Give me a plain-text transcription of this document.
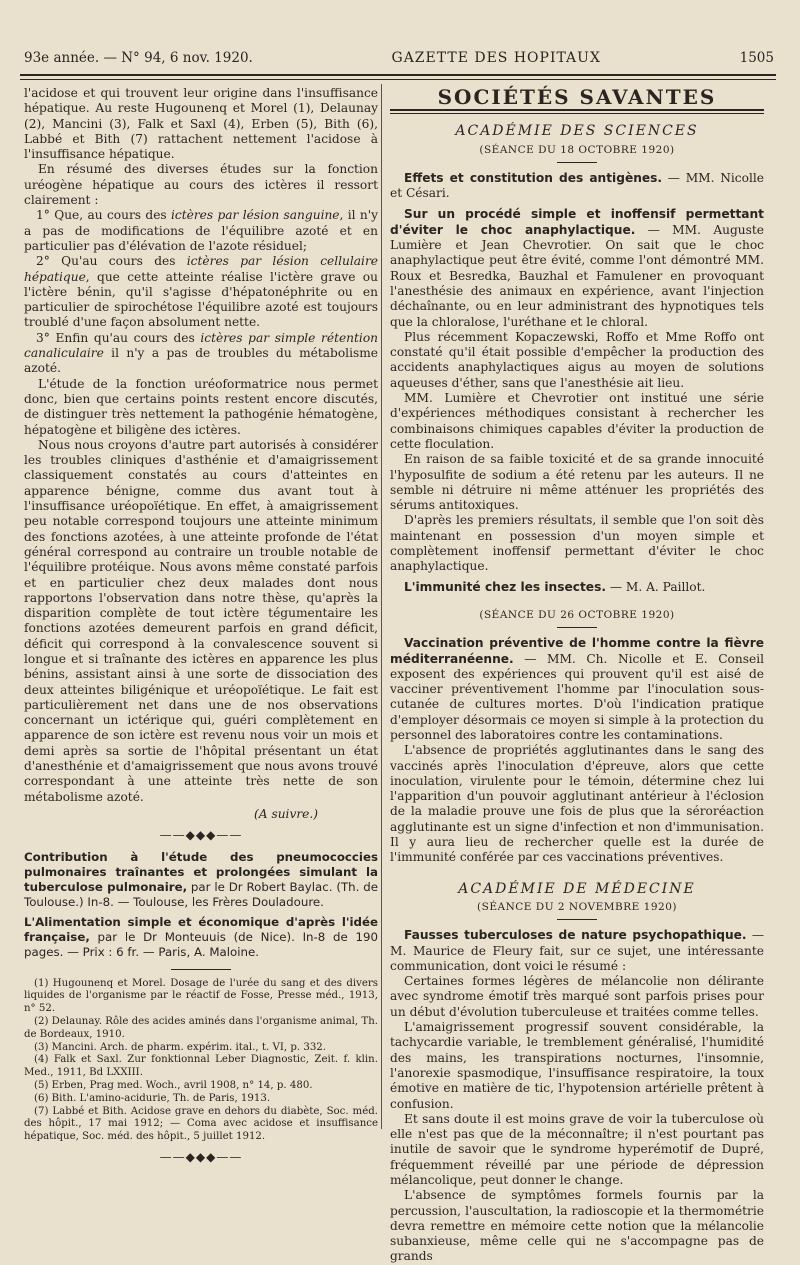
93e année. — N° 94, 6 nov. 1920.	GAZETTE DES HOPITAUX	1505

l'acidose et qui trouvent leur origine dans l'insuffisance hépatique. Au reste Hugounenq et Morel (1), Delaunay (2), Mancini (3), Falk et Saxl (4), Erben (5), Bith (6), Labbé et Bith (7) rattachent nettement l'acidose à l'insuffisance hépatique.

En résumé des diverses études sur la fonction uréogène hépatique au cours des ictères il ressort clairement :

1° Que, au cours des ictères par lésion sanguine, il n'y a pas de modifications de l'équilibre azoté et en particulier pas d'élévation de l'azote résiduel;

2° Qu'au cours des ictères par lésion cellulaire hépatique, que cette atteinte réalise l'ictère grave ou l'ictère bénin, qu'il s'agisse d'hépatonéphrite ou en particulier de spirochétose l'équilibre azoté est toujours troublé d'une façon absolument nette.

3° Enfin qu'au cours des ictères par simple rétention canaliculaire il n'y a pas de troubles du métabolisme azoté.

L'étude de la fonction uréoformatrice nous permet donc, bien que certains points restent encore discutés, de distinguer très nettement la pathogénie hématogène, hépatogène et biligène des ictères.

Nous nous croyons d'autre part autorisés à considérer les troubles cliniques d'asthénie et d'amaigrissement classiquement constatés au cours d'atteintes en apparence bénigne, comme dus avant tout à l'insuffisance uréopoïétique. En effet, à amaigrissement peu notable correspond toujours une atteinte minimum des fonctions azotées, à une atteinte profonde de l'état général correspond au contraire un trouble notable de l'équilibre protéique. Nous avons même constaté parfois et en particulier chez deux malades dont nous rapportons l'observation dans notre thèse, qu'après la disparition complète de tout ictère tégumentaire les fonctions azotées demeurent parfois en grand déficit, déficit qui correspond à la convalescence souvent si longue et si traînante des ictères en apparence les plus bénins, assistant ainsi à une sorte de dissociation des deux atteintes biligénique et uréopoïétique. Le fait est particulièrement net dans une de nos observations concernant un ictérique qui, guéri complètement en apparence de son ictère est revenu nous voir un mois et demi après sa sortie de l'hôpital présentant un état d'anesthénie et d'amaigrissement que nous avons trouvé correspondant à une atteinte très nette de son métabolisme azoté.

(A suivre.)

——◆◆◆——

Contribution à l'étude des pneumococcies pulmonaires traînantes et prolongées simulant la tuberculose pulmonaire, par le Dr Robert Baylac. (Th. de Toulouse.) In-8. — Toulouse, les Frères Douladoure.

L'Alimentation simple et économique d'après l'idée française, par le Dr Monteuuis (de Nice). In-8 de 190 pages. — Prix : 6 fr. — Paris, A. Maloine.

(1) Hugounenq et Morel. Dosage de l'urée du sang et des divers liquides de l'organisme par le réactif de Fosse, Presse méd., 1913, n° 52.

(2) Delaunay. Rôle des acides aminés dans l'organisme animal, Th. de Bordeaux, 1910.

(3) Mancini. Arch. de pharm. expérim. ital., t. VI, p. 332.

(4) Falk et Saxl. Zur fonktionnal Leber Diagnostic, Zeit. f. klin. Med., 1911, Bd LXXIII.

(5) Erben, Prag med. Woch., avril 1908, n° 14, p. 480.

(6) Bith. L'amino-acidurie, Th. de Paris, 1913.

(7) Labbé et Bith. Acidose grave en dehors du diabète, Soc. méd. des hôpit., 17 mai 1912; — Coma avec acidose et insuffisance hépatique, Soc. méd. des hôpit., 5 juillet 1912.

——◆◆◆——
SOCIÉTÉS SAVANTES
ACADÉMIE DES SCIENCES
(SÉANCE DU 18 OCTOBRE 1920)

Effets et constitution des antigènes. — MM. Nicolle et Césari.

Sur un procédé simple et inoffensif permettant d'éviter le choc anaphylactique. — MM. Auguste Lumière et Jean Chevrotier. On sait que le choc anaphylactique peut être évité, comme l'ont démontré MM. Roux et Besredka, Bauzhal et Famulener en provoquant l'anesthésie des animaux en expérience, avant l'injection déchaînante, ou en leur administrant des hypnotiques tels que la chloralose, l'uréthane et le chloral.

Plus récemment Kopaczewski, Roffo et Mme Roffo ont constaté qu'il était possible d'empêcher la production des accidents anaphylactiques aigus au moyen de solutions aqueuses d'éther, sans que l'anesthésie ait lieu.

MM. Lumière et Chevrotier ont institué une série d'expériences méthodiques consistant à rechercher les combinaisons chimiques capables d'éviter la production de cette floculation.

En raison de sa faible toxicité et de sa grande innocuité l'hyposulfite de sodium a été retenu par les auteurs. Il ne semble ni détruire ni même atténuer les propriétés des sérums antitoxiques.

D'après les premiers résultats, il semble que l'on soit dès maintenant en possession d'un moyen simple et complètement inoffensif permettant d'éviter le choc anaphylactique.

L'immunité chez les insectes. — M. A. Paillot.

(SÉANCE DU 26 OCTOBRE 1920)

Vaccination préventive de l'homme contre la fièvre méditerranéenne. — MM. Ch. Nicolle et E. Conseil exposent des expériences qui prouvent qu'il est aisé de vacciner préventivement l'homme par l'inoculation sous-cutanée de cultures mortes. D'où l'indication pratique d'employer désormais ce moyen si simple à la protection du personnel des laboratoires contre les contaminations.

L'absence de propriétés agglutinantes dans le sang des vaccinés après l'inoculation d'épreuve, alors que cette inoculation, virulente pour le témoin, détermine chez lui l'apparition d'un pouvoir agglutinant antérieur à l'éclosion de la maladie prouve une fois de plus que la séroréaction agglutinante est un signe d'infection et non d'immunisation. Il y aura lieu de rechercher quelle est la durée de l'immunité conférée par ces vaccinations préventives.

ACADÉMIE DE MÉDECINE
(SÉANCE DU 2 NOVEMBRE 1920)

Fausses tuberculoses de nature psychopathique. — M. Maurice de Fleury fait, sur ce sujet, une intéressante communication, dont voici le résumé :

Certaines formes légères de mélancolie non délirante avec syndrome émotif très marqué sont parfois prises pour un début d'évolution tuberculeuse et traitées comme telles.

L'amaigrissement progressif souvent considérable, la tachycardie variable, le tremblement généralisé, l'humidité des mains, les transpirations nocturnes, l'insomnie, l'anorexie spasmodique, l'insuffisance respiratoire, la toux émotive en matière de tic, l'hypotension artérielle prêtent à confusion.

Et sans doute il est moins grave de voir la tuberculose où elle n'est pas que de la méconnaître; il n'est pourtant pas inutile de savoir que le syndrome hyperémotif de Dupré, fréquemment réveillé par une période de dépression mélancolique, peut donner le change.

L'absence de symptômes formels fournis par la percussion, l'auscultation, la radioscopie et la thermométrie devra remettre en mémoire cette notion que la mélancolie subanxieuse, même celle qui ne s'accompagne pas de grands
